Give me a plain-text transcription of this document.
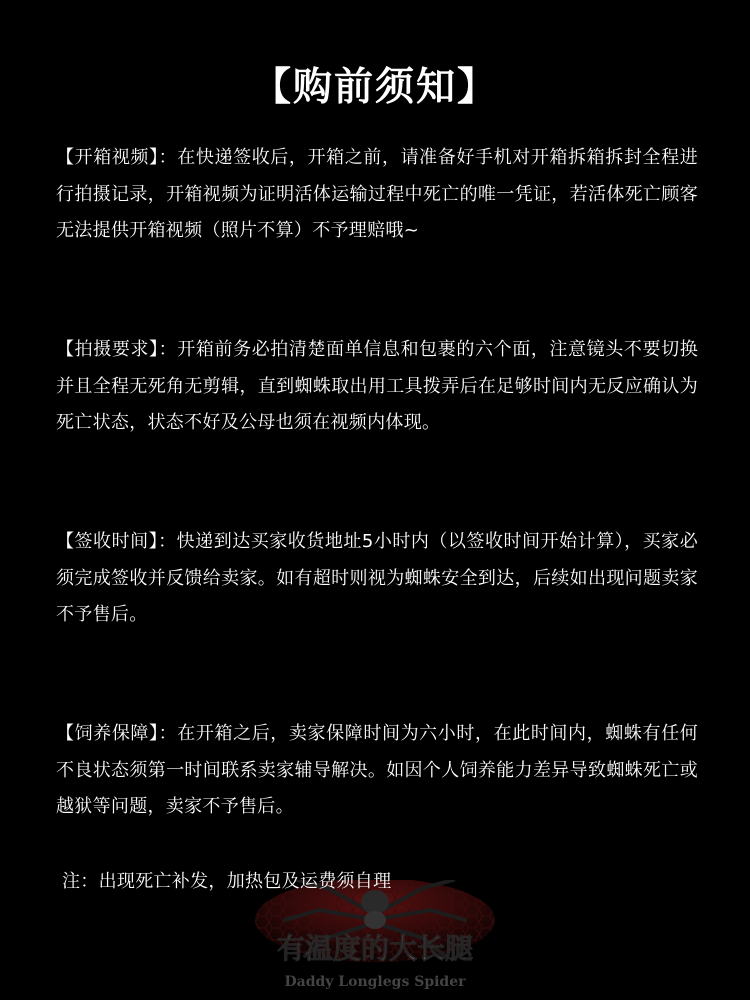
【购前须知】
【开箱视频】：在快递签收后，开箱之前，请准备好手机对开箱拆箱拆封全程进行拍摄记录，开箱视频为证明活体运输过程中死亡的唯一凭证，若活体死亡顾客无法提供开箱视频（照片不算）不予理赔哦~
【拍摄要求】：开箱前务必拍清楚面单信息和包裹的六个面，注意镜头不要切换并且全程无死角无剪辑，直到蜘蛛取出用工具拨弄后在足够时间内无反应确认为死亡状态，状态不好及公母也须在视频内体现。
【签收时间】：快递到达买家收货地址5小时内（以签收时间开始计算），买家必须完成签收并反馈给卖家。如有超时则视为蜘蛛安全到达，后续如出现问题卖家不予售后。
【饲养保障】：在开箱之后，卖家保障时间为六小时，在此时间内，蜘蛛有任何不良状态须第一时间联系卖家辅导解决。如因个人饲养能力差异导致蜘蛛死亡或越狱等问题，卖家不予售后。
有温度的大长腿
Daddy Longlegs Spider
注：出现死亡补发，加热包及运费须自理
